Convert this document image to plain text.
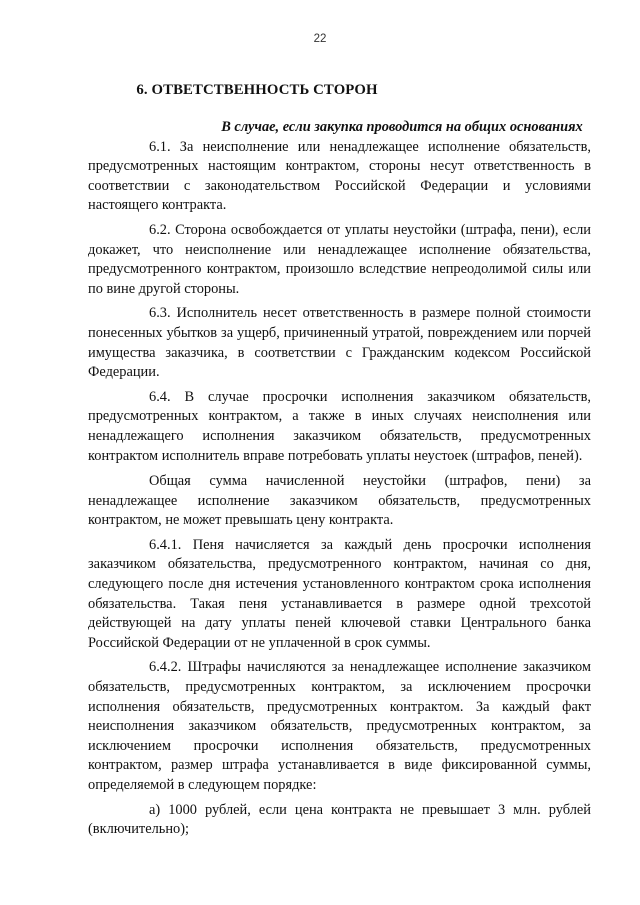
22
6. ОТВЕТСТВЕННОСТЬ СТОРОН

В случае, если закупка проводится на общих основаниях

6.1. За неисполнение или ненадлежащее исполнение обязательств, предусмотренных настоящим контрактом, стороны несут ответственность в соответствии с законодательством Российской Федерации и условиями настоящего контракта.

6.2. Сторона освобождается от уплаты неустойки (штрафа, пени), если докажет, что неисполнение или ненадлежащее исполнение обязательства, предусмотренного контрактом, произошло вследствие непреодолимой силы или по вине другой стороны.

6.3. Исполнитель несет ответственность в размере полной стоимости понесенных убытков за ущерб, причиненный утратой, повреждением или порчей имущества заказчика, в соответствии с Гражданским кодексом Российской Федерации.

6.4. В случае просрочки исполнения заказчиком обязательств, предусмотренных контрактом, а также в иных случаях неисполнения или ненадлежащего исполнения заказчиком обязательств, предусмотренных контрактом исполнитель вправе потребовать уплаты неустоек (штрафов, пеней).

Общая сумма начисленной неустойки (штрафов, пени) за ненадлежащее исполнение заказчиком обязательств, предусмотренных контрактом, не может превышать цену контракта.

6.4.1. Пеня начисляется за каждый день просрочки исполнения заказчиком обязательства, предусмотренного контрактом, начиная со дня, следующего после дня истечения установленного контрактом срока исполнения обязательства. Такая пеня устанавливается в размере одной трехсотой действующей на дату уплаты пеней ключевой ставки Центрального банка Российской Федерации от не уплаченной в срок суммы.

6.4.2. Штрафы начисляются за ненадлежащее исполнение заказчиком обязательств, предусмотренных контрактом, за исключением просрочки исполнения обязательств, предусмотренных контрактом. За каждый факт неисполнения заказчиком обязательств, предусмотренных контрактом, за исключением просрочки исполнения обязательств, предусмотренных контрактом, размер штрафа устанавливается в виде фиксированной суммы, определяемой в следующем порядке:

а) 1000 рублей, если цена контракта не превышает 3 млн. рублей (включительно);
